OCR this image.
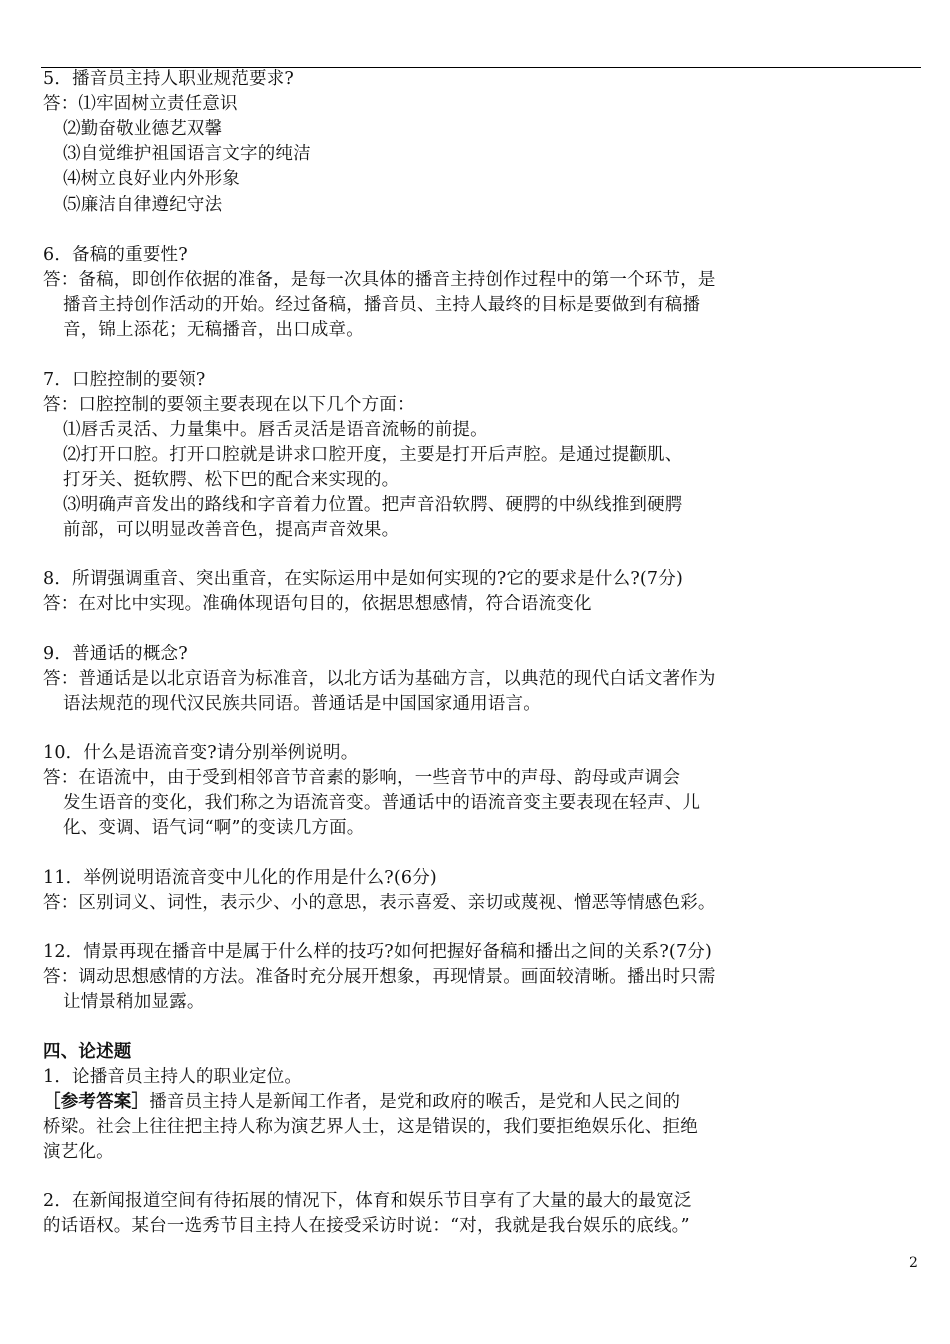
5．播音员主持人职业规范要求?
答：⑴牢固树立责任意识
⑵勤奋敬业德艺双馨
⑶自觉维护祖国语言文字的纯洁
⑷树立良好业内外形象
⑸廉洁自律遵纪守法
6．备稿的重要性?
答：备稿，即创作依据的准备，是每一次具体的播音主持创作过程中的第一个环节，是
播音主持创作活动的开始。经过备稿，播音员、主持人最终的目标是要做到有稿播
音，锦上添花；无稿播音，出口成章。
7．口腔控制的要领?
答：口腔控制的要领主要表现在以下几个方面：
⑴唇舌灵活、力量集中。唇舌灵活是语音流畅的前提。
⑵打开口腔。打开口腔就是讲求口腔开度，主要是打开后声腔。是通过提颧肌、
打牙关、挺软腭、松下巴的配合来实现的。
⑶明确声音发出的路线和字音着力位置。把声音沿软腭、硬腭的中纵线推到硬腭
前部，可以明显改善音色，提高声音效果。
8．所谓强调重音、突出重音，在实际运用中是如何实现的?它的要求是什么?(7分)
答：在对比中实现。准确体现语句目的，依据思想感情，符合语流变化
9．普通话的概念?
答：普通话是以北京语音为标准音，以北方话为基础方言，以典范的现代白话文著作为
语法规范的现代汉民族共同语。普通话是中国国家通用语言。
10．什么是语流音变?请分别举例说明。
答：在语流中，由于受到相邻音节音素的影响，一些音节中的声母、韵母或声调会
发生语音的变化，我们称之为语流音变。普通话中的语流音变主要表现在轻声、儿
化、变调、语气词“啊”的变读几方面。
11．举例说明语流音变中儿化的作用是什么?(6分)
答：区别词义、词性，表示少、小的意思，表示喜爱、亲切或蔑视、憎恶等情感色彩。
12．情景再现在播音中是属于什么样的技巧?如何把握好备稿和播出之间的关系?(7分)
答：调动思想感情的方法。准备时充分展开想象，再现情景。画面较清晰。播出时只需
让情景稍加显露。
四、论述题
1．论播音员主持人的职业定位。
［参考答案］播音员主持人是新闻工作者，是党和政府的喉舌，是党和人民之间的
桥梁。社会上往往把主持人称为演艺界人士，这是错误的，我们要拒绝娱乐化、拒绝
演艺化。
2．在新闻报道空间有待拓展的情况下，体育和娱乐节目享有了大量的最大的最宽泛
的话语权。某台一选秀节目主持人在接受采访时说：“对，我就是我台娱乐的底线。”
2
